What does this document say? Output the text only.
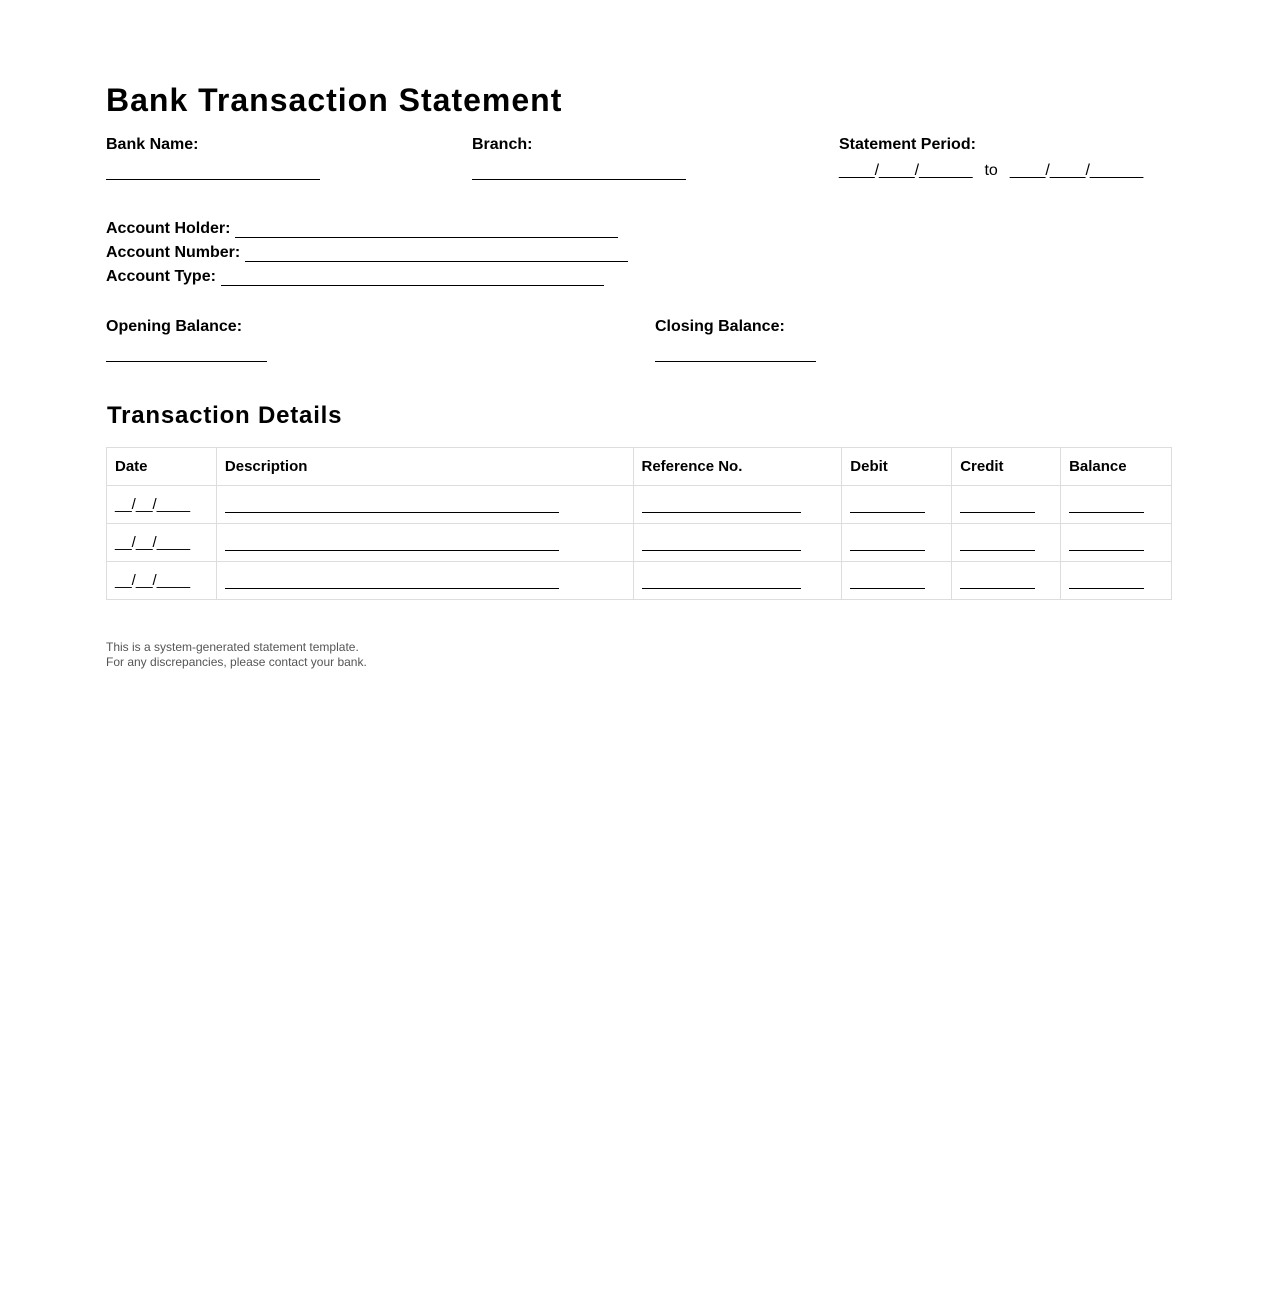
Bank Transaction Statement
Bank Name:	Branch:	Statement Period:
____/____/______ to ____/____/______
Account Holder:
Account Number:
Account Type:
Opening Balance:	Closing Balance:
Transaction Details
Date	Description	Reference No.	Debit	Credit	Balance
__/__/____					
__/__/____					
__/__/____					
This is a system-generated statement template.
For any discrepancies, please contact your bank.
